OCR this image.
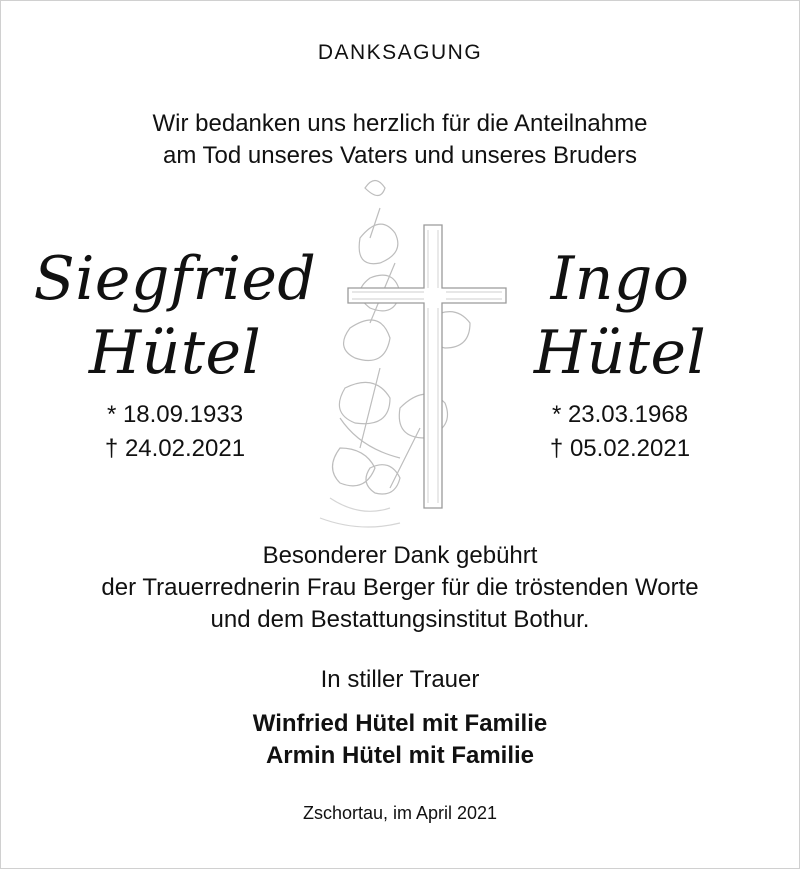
DANKSAGUNG
Wir bedanken uns herzlich für die Anteilnahme
am Tod unseres Vaters und unseres Bruders
Siegfried
Hütel
Ingo
Hütel
* 18.09.1933
† 24.02.2021
* 23.03.1968
† 05.02.2021
Besonderer Dank gebührt
der Trauerrednerin Frau Berger für die tröstenden Worte
und dem Bestattungsinstitut Bothur.
In stiller Trauer
Winfried Hütel mit Familie
Armin Hütel mit Familie
Zschortau, im April 2021
